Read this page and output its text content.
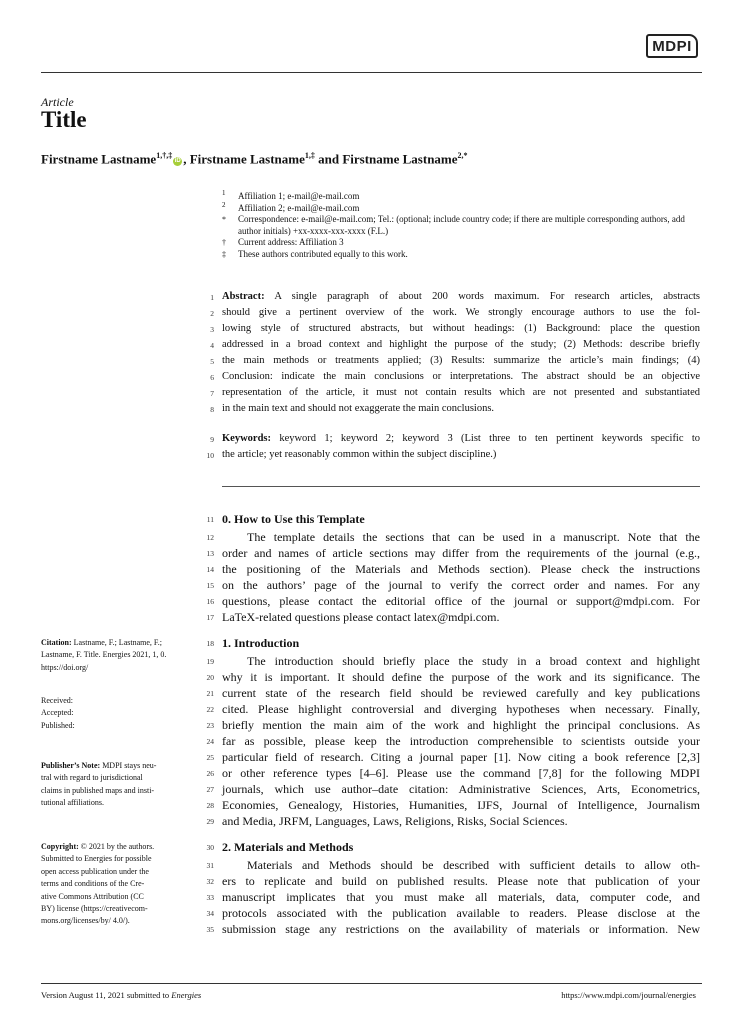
MDPI
Article
Title
Firstname Lastname$^{1,\dagger,\ddagger}$iD , Firstname Lastname$^{1,\ddagger}$ and Firstname Lastname$^{2,*}$
1	Affiliation 1; e-mail@e-mail.com
2	Affiliation 2; e-mail@e-mail.com
*	Correspondence: e-mail@e-mail.com; Tel.: (optional; include country code; if there are multiple corresponding authors, add author initials) +xx-xxxx-xxx-xxxx (F.L.)
†	Current address: Affiliation 3
‡	These authors contributed equally to this work.
1
2
3
4
5
6
7
8
9
10
11
12
13
14
15
16
17
18
19
20
21
22
23
24
25
26
27
28
29
30
31
32
33
34
35
Abstract: A single paragraph of about 200 words maximum. For research articles, abstracts
should give a pertinent overview of the work. We strongly encourage authors to use the fol-
lowing style of structured abstracts, but without headings: (1) Background: place the question
addressed in a broad context and highlight the purpose of the study; (2) Methods: describe briefly
the main methods or treatments applied; (3) Results: summarize the article’s main findings; (4)
Conclusion: indicate the main conclusions or interpretations. The abstract should be an objective
representation of the article, it must not contain results which are not presented and substantiated
in the main text and should not exaggerate the main conclusions.
Keywords: keyword 1; keyword 2; keyword 3 (List three to ten pertinent keywords specific to
the article; yet reasonably common within the subject discipline.)
0. How to Use this Template
The template details the sections that can be used in a manuscript. Note that the
order and names of article sections may differ from the requirements of the journal (e.g.,
the positioning of the Materials and Methods section). Please check the instructions
on the authors’ page of the journal to verify the correct order and names. For any
questions, please contact the editorial office of the journal or support@mdpi.com. For
LaTeX-related questions please contact latex@mdpi.com.
1. Introduction
The introduction should briefly place the study in a broad context and highlight
why it is important. It should define the purpose of the work and its significance. The
current state of the research field should be reviewed carefully and key publications
cited. Please highlight controversial and diverging hypotheses when necessary. Finally,
briefly mention the main aim of the work and highlight the principal conclusions. As
far as possible, please keep the introduction comprehensible to scientists outside your
particular field of research. Citing a journal paper [1]. Now citing a book reference [2,3]
or other reference types [4–6]. Please use the command [7,8] for the following MDPI
journals, which use author–date citation: Administrative Sciences, Arts, Econometrics,
Economies, Genealogy, Histories, Humanities, IJFS, Journal of Intelligence, Journalism
and Media, JRFM, Languages, Laws, Religions, Risks, Social Sciences.
2. Materials and Methods
Materials and Methods should be described with sufficient details to allow oth-
ers to replicate and build on published results. Please note that publication of your
manuscript implicates that you must make all materials, data, computer code, and
protocols associated with the publication available to readers. Please disclose at the
submission stage any restrictions on the availability of materials or information. New
Citation: Lastname, F.; Lastname, F.;
Lastname, F. Title. Energies 2021, 1, 0.
https://doi.org/
Received:
Accepted:
Published:
Publisher’s Note: MDPI stays neu-
tral with regard to jurisdictional
claims in published maps and insti-
tutional affiliations.
Copyright: © 2021 by the authors.
Submitted to Energies for possible
open access publication under the
terms and conditions of the Cre-
ative Commons Attribution (CC
BY) license (https://creativecom-
mons.org/licenses/by/ 4.0/).
Version August 11, 2021 submitted to Energies	https://www.mdpi.com/journal/energies
